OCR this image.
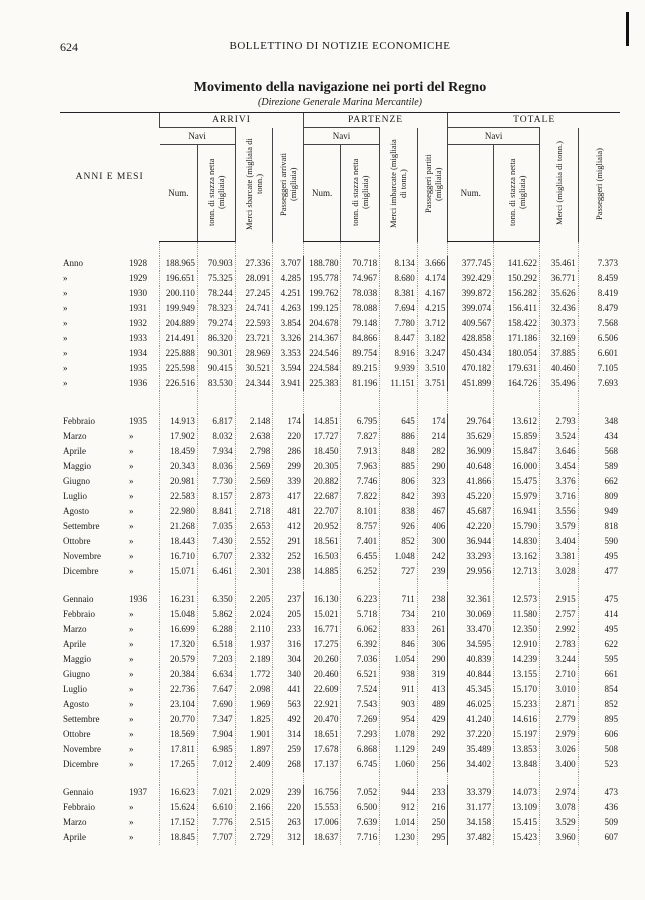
624	BOLLETTINO DI NOTIZIE ECONOMICHE
Movimento della navigazione nei porti del Regno
(Direzione Generale Marina Mercantile)
ANNI E MESI	ARRIVI				PARTENZE				TOTALE			
	Navi		Merci sbarcate (migliaia di tonn.)	Passeggeri arrivati (migliaia)	Navi		Merci imbarcate (migliaia di tonn.)	Passeggeri partiti (migliaia)	Navi		Merci (migliaia di tonn.)	Passeggeri (migliaia)
	Num.	tonn. di stazza netta (migliaia)			Num.	tonn. di stazza netta (migliaia)			Num.	tonn. di stazza netta (migliaia)		

Anno 1928	188.965	70.903	27.336	3.707	188.780	70.718	8.134	3.666	377.745	141.622	35.461	7.373
» 1929	196.651	75.325	28.091	4.285	195.778	74.967	8.680	4.174	392.429	150.292	36.771	8.459
» 1930	200.110	78.244	27.245	4.251	199.762	78.038	8.381	4.167	399.872	156.282	35.626	8.419
» 1931	199.949	78.323	24.741	4.263	199.125	78.088	7.694	4.215	399.074	156.411	32.436	8.479
» 1932	204.889	79.274	22.593	3.854	204.678	79.148	7.780	3.712	409.567	158.422	30.373	7.568
» 1933	214.491	86.320	23.721	3.326	214.367	84.866	8.447	3.182	428.858	171.186	32.169	6.506
» 1934	225.888	90.301	28.969	3.353	224.546	89.754	8.916	3.247	450.434	180.054	37.885	6.601
» 1935	225.598	90.415	30.521	3.594	224.584	89.215	9.939	3.510	470.182	179.631	40.460	7.105
» 1936	226.516	83.530	24.344	3.941	225.383	81.196	11.151	3.751	451.899	164.726	35.496	7.693

Febbraio 1935	14.913	6.817	2.148	174	14.851	6.795	645	174	29.764	13.612	2.793	348
Marzo »	17.902	8.032	2.638	220	17.727	7.827	886	214	35.629	15.859	3.524	434
Aprile »	18.459	7.934	2.798	286	18.450	7.913	848	282	36.909	15.847	3.646	568
Maggio »	20.343	8.036	2.569	299	20.305	7.963	885	290	40.648	16.000	3.454	589
Giugno »	20.981	7.730	2.569	339	20.882	7.746	806	323	41.866	15.475	3.376	662
Luglio »	22.583	8.157	2.873	417	22.687	7.822	842	393	45.220	15.979	3.716	809
Agosto »	22.980	8.841	2.718	481	22.707	8.101	838	467	45.687	16.941	3.556	949
Settembre »	21.268	7.035	2.653	412	20.952	8.757	926	406	42.220	15.790	3.579	818
Ottobre »	18.443	7.430	2.552	291	18.561	7.401	852	300	36.944	14.830	3.404	590
Novembre »	16.710	6.707	2.332	252	16.503	6.455	1.048	242	33.293	13.162	3.381	495
Dicembre »	15.071	6.461	2.301	238	14.885	6.252	727	239	29.956	12.713	3.028	477

Gennaio 1936	16.231	6.350	2.205	237	16.130	6.223	711	238	32.361	12.573	2.915	475
Febbraio »	15.048	5.862	2.024	205	15.021	5.718	734	210	30.069	11.580	2.757	414
Marzo »	16.699	6.288	2.110	233	16.771	6.062	833	261	33.470	12.350	2.992	495
Aprile »	17.320	6.518	1.937	316	17.275	6.392	846	306	34.595	12.910	2.783	622
Maggio »	20.579	7.203	2.189	304	20.260	7.036	1.054	290	40.839	14.239	3.244	595
Giugno »	20.384	6.634	1.772	340	20.460	6.521	938	319	40.844	13.155	2.710	661
Luglio »	22.736	7.647	2.098	441	22.609	7.524	911	413	45.345	15.170	3.010	854
Agosto »	23.104	7.690	1.969	563	22.921	7.543	903	489	46.025	15.233	2.871	852
Settembre »	20.770	7.347	1.825	492	20.470	7.269	954	429	41.240	14.616	2.779	895
Ottobre »	18.569	7.904	1.901	314	18.651	7.293	1.078	292	37.220	15.197	2.979	606
Novembre »	17.811	6.985	1.897	259	17.678	6.868	1.129	249	35.489	13.853	3.026	508
Dicembre »	17.265	7.012	2.409	268	17.137	6.745	1.060	256	34.402	13.848	3.400	523

Gennaio 1937	16.623	7.021	2.029	239	16.756	7.052	944	233	33.379	14.073	2.974	473
Febbraio »	15.624	6.610	2.166	220	15.553	6.500	912	216	31.177	13.109	3.078	436
Marzo »	17.152	7.776	2.515	263	17.006	7.639	1.014	250	34.158	15.415	3.529	509
Aprile »	18.845	7.707	2.729	312	18.637	7.716	1.230	295	37.482	15.423	3.960	607
